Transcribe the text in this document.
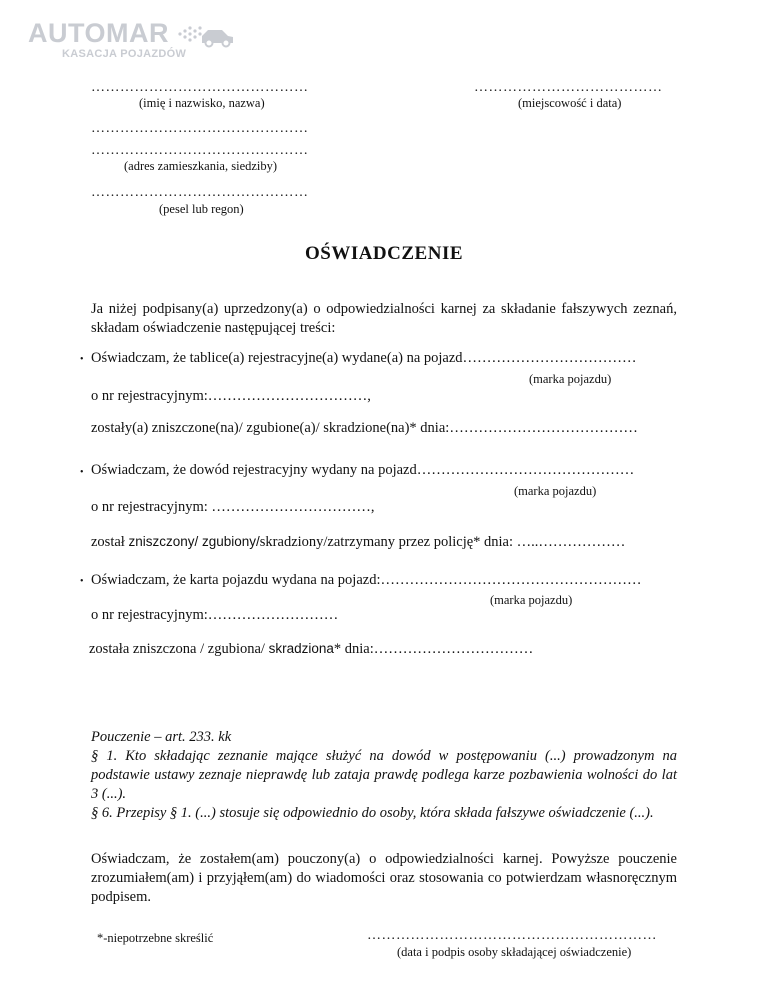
AUTOMAR
KASACJA POJAZDÓW
………………………………………
(imię i nazwisko, nazwa)
…………………………………
(miejscowość i data)
………………………………………
………………………………………
(adres zamieszkania, siedziby)
………………………………………
(pesel lub regon)
OŚWIADCZENIE
Ja niżej podpisany(a) uprzedzony(a) o odpowiedzialności karnej za składanie fałszywych zeznań, składam oświadczenie następującej treści:
• Oświadczam, że tablice(a) rejestracyjne(a) wydane(a) na pojazd………………………………
(marka pojazdu)
o nr rejestracyjnym:……………………………,
zostały(a) zniszczone(na)/ zgubione(a)/ skradzione(na)* dnia:…………………………………
• Oświadczam, że dowód rejestracyjny wydany na pojazd………………………………………
(marka pojazdu)
o nr rejestracyjnym: ……………………………,
został zniszczony/ zgubiony/skradziony/zatrzymany przez policję* dnia: …..………………
• Oświadczam, że karta pojazdu wydana na pojazd:………………………………………………
(marka pojazdu)
o nr rejestracyjnym:………………………
została zniszczona / zgubiona/ skradziona* dnia:……………………………
Pouczenie – art. 233. kk
§ 1. Kto składając zeznanie mające służyć na dowód w postępowaniu (...) prowadzonym na podstawie ustawy zeznaje nieprawdę lub zataja prawdę podlega karze pozbawienia wolności do lat 3 (...).
§ 6. Przepisy § 1. (...) stosuje się odpowiednio do osoby, która składa fałszywe oświadczenie (...).
Oświadczam, że zostałem(am) pouczony(a) o odpowiedzialności karnej. Powyższe pouczenie zrozumiałem(am) i przyjąłem(am) do wiadomości oraz stosowania co potwierdzam własnoręcznym podpisem.
*-niepotrzebne skreślić	……………………………………………………
(data i podpis osoby składającej oświadczenie)
